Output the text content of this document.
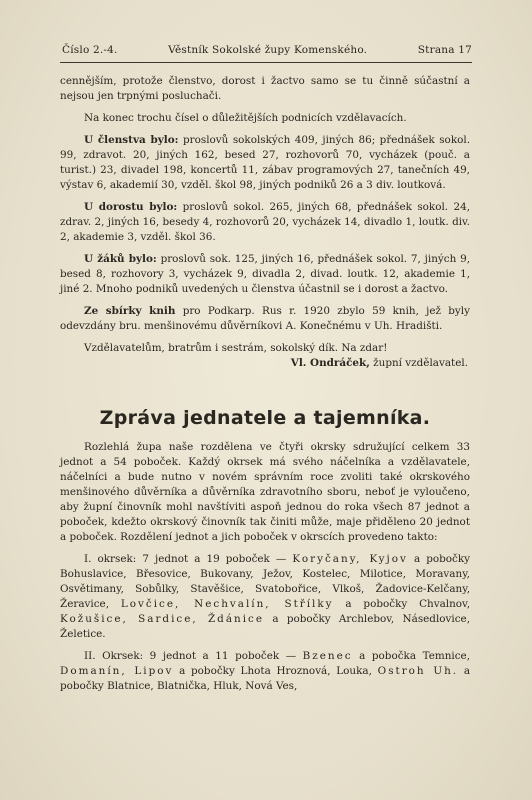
Číslo 2.-4.	Věstník Sokolské župy Komenského.	Strana 17

cennějším, protože členstvo, dorost i žactvo samo se tu činně súčastní a nejsou jen trpnými posluchači.

Na konec trochu čísel o důležitějších podnicích vzdělavacích.

U členstva bylo: proslovů sokolských 409, jiných 86; přednášek sokol. 99, zdravot. 20, jiných 162, besed 27, rozhovorů 70, vycházek (pouč. a turist.) 23, divadel 198, koncertů 11, zábav programových 27, tanečních 49, výstav 6, akademií 30, vzděl. škol 98, jiných podniků 26 a 3 div. loutková.

U dorostu bylo: proslovů sokol. 265, jiných 68, přednášek sokol. 24, zdrav. 2, jiných 16, besedy 4, rozhovorů 20, vycházek 14, divadlo 1, loutk. div. 2, akademie 3, vzděl. škol 36.

U žáků bylo: proslovů sok. 125, jiných 16, přednášek sokol. 7, jiných 9, besed 8, rozhovory 3, vycházek 9, divadla 2, divad. loutk. 12, akademie 1, jiné 2. Mnoho podniků uvedených u členstva účastnil se i dorost a žactvo.

Ze sbírky knih pro Podkarp. Rus r. 1920 zbylo 59 knih, jež byly odevzdány bru. menšinovému důvěrníkovi A. Konečnému v Uh. Hradišti.

Vzdělavatelům, bratrům i sestrám, sokolský dík. Na zdar!

Vl. Ondráček, župní vzdělavatel.

Zpráva jednatele a tajemníka.

Rozlehlá župa naše rozdělena ve čtyři okrsky sdružující celkem 33 jednot a 54 poboček. Každý okrsek má svého náčelníka a vzdělavatele, náčelníci a bude nutno v novém správním roce zvoliti také okrskového menšinového důvěrníka a důvěrníka zdravotního sboru, neboť je vyloučeno, aby župní činovník mohl navštíviti aspoň jednou do roka všech 87 jednot a poboček, kdežto okrskový činovník tak činiti může, maje přiděleno 20 jednot a poboček. Rozdělení jednot a jich poboček v okrscích provedeno takto:

I. okrsek: 7 jednot a 19 poboček — Koryčany, Kyjov a pobočky Bohuslavice, Břesovice, Bukovany, Ježov, Kostelec, Milotice, Moravany, Osvětimany, Sobůlky, Stavěšice, Svatobořice, Vlkoš, Žadovice-Kelčany, Žeravice, Lovčice, Nechvalín, Střílky a pobočky Chvalnov, Kožušice, Sardice, Ždánice a pobočky Archlebov, Násedlovice, Želetice.

II. Okrsek: 9 jednot a 11 poboček — Bzenec a pobočka Temnice, Domanín, Lipov a pobočky Lhota Hroznová, Louka, Ostroh Uh. a pobočky Blatnice, Blatnička, Hluk, Nová Ves,
